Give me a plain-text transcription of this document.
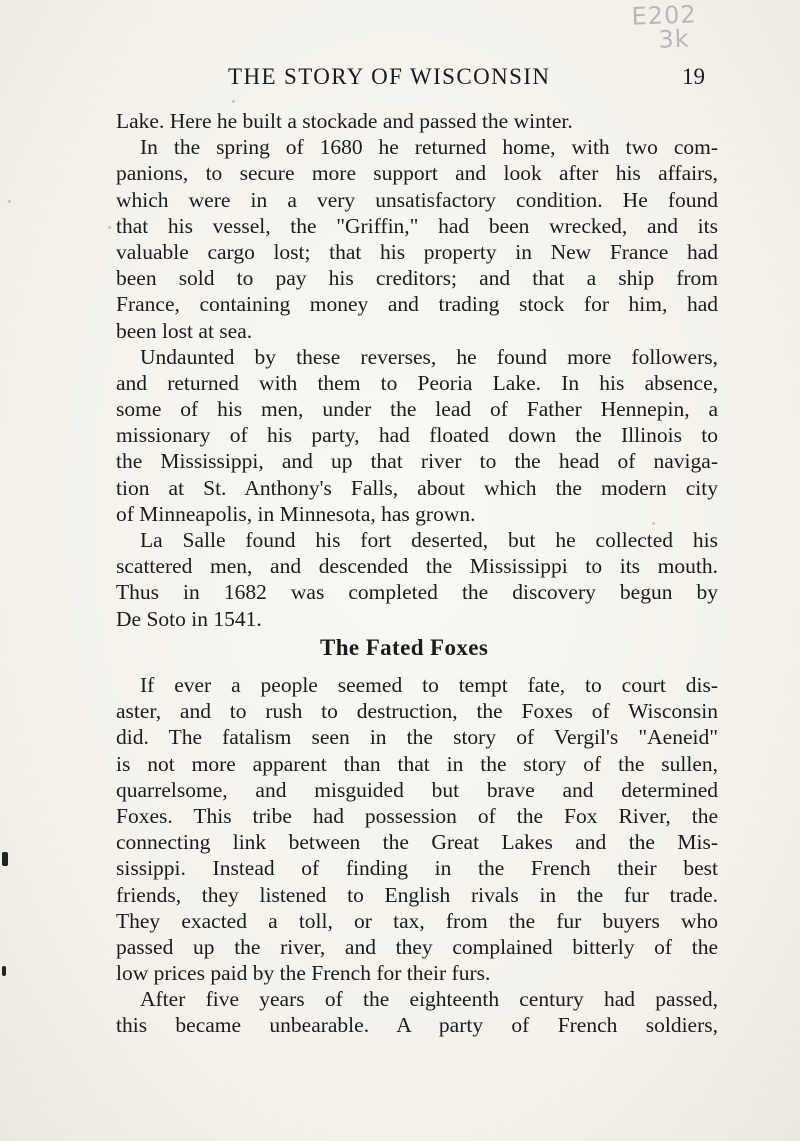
E202
3k
THE STORY OF WISCONSIN	19
Lake. Here he built a stockade and passed the winter.
In the spring of 1680 he returned home, with two com-
panions, to secure more support and look after his affairs,
which were in a very unsatisfactory condition. He found
that his vessel, the "Griffin," had been wrecked, and its
valuable cargo lost; that his property in New France had
been sold to pay his creditors; and that a ship from
France, containing money and trading stock for him, had
been lost at sea.
Undaunted by these reverses, he found more followers,
and returned with them to Peoria Lake. In his absence,
some of his men, under the lead of Father Hennepin, a
missionary of his party, had floated down the Illinois to
the Mississippi, and up that river to the head of naviga-
tion at St. Anthony's Falls, about which the modern city
of Minneapolis, in Minnesota, has grown.
La Salle found his fort deserted, but he collected his
scattered men, and descended the Mississippi to its mouth.
Thus in 1682 was completed the discovery begun by
De Soto in 1541.
The Fated Foxes
If ever a people seemed to tempt fate, to court dis-
aster, and to rush to destruction, the Foxes of Wisconsin
did. The fatalism seen in the story of Vergil's "Aeneid"
is not more apparent than that in the story of the sullen,
quarrelsome, and misguided but brave and determined
Foxes. This tribe had possession of the Fox River, the
connecting link between the Great Lakes and the Mis-
sissippi. Instead of finding in the French their best
friends, they listened to English rivals in the fur trade.
They exacted a toll, or tax, from the fur buyers who
passed up the river, and they complained bitterly of the
low prices paid by the French for their furs.
After five years of the eighteenth century had passed,
this became unbearable. A party of French soldiers,
